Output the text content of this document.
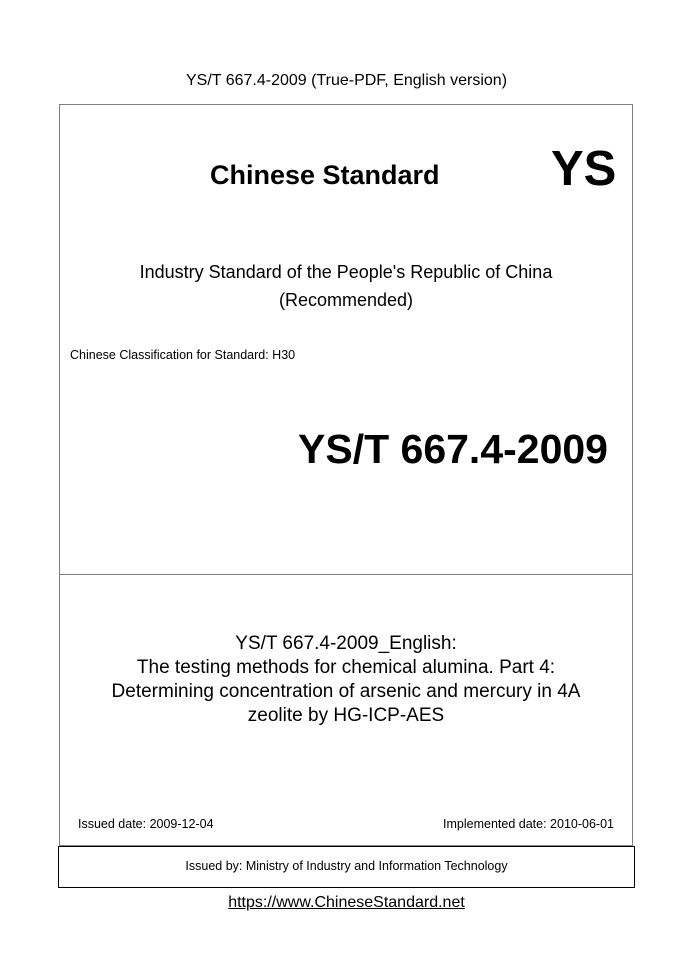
YS/T 667.4-2009 (True-PDF, English version)
Chinese Standard YS
Industry Standard of the People's Republic of China
(Recommended)
Chinese Classification for Standard: H30
YS/T 667.4-2009
YS/T 667.4-2009_English:
The testing methods for chemical alumina. Part 4:
Determining concentration of arsenic and mercury in 4A
zeolite by HG-ICP-AES
Issued date: 2009-12-04	Implemented date: 2010-06-01
Issued by: Ministry of Industry and Information Technology
https://www.ChineseStandard.net
